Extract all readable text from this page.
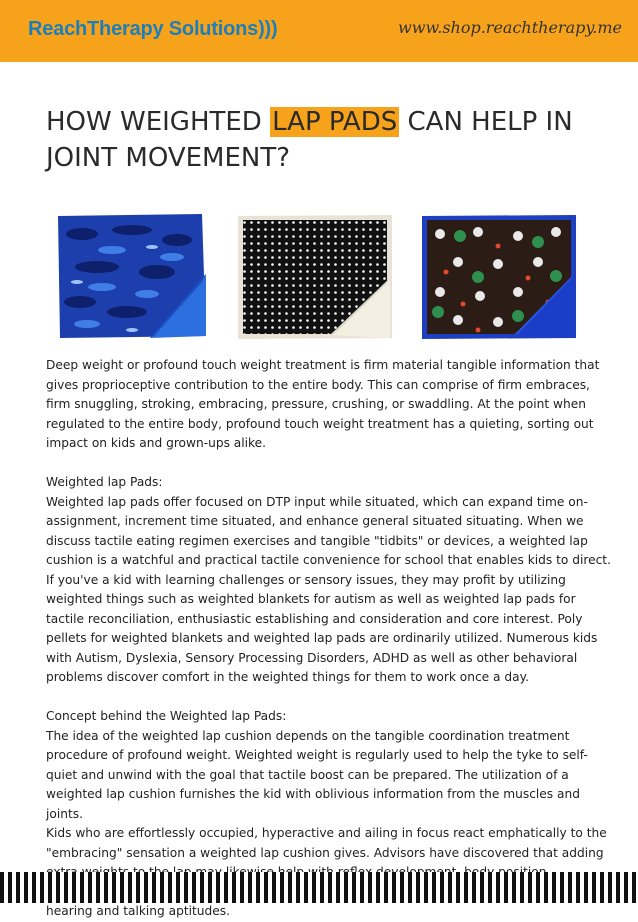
ReachTherapy Solutions)))	www.shop.reachtherapy.me
HOW WEIGHTED LAP PADS CAN HELP IN JOINT MOVEMENT?

Deep weight or profound touch weight treatment is firm material tangible information that gives proprioceptive contribution to the entire body. This can comprise of firm embraces, firm snuggling, stroking, embracing, pressure, crushing, or swaddling. At the point when regulated to the entire body, profound touch weight treatment has a quieting, sorting out impact on kids and grown-ups alike.

Weighted lap Pads:

Weighted lap pads offer focused on DTP input while situated, which can expand time on-assignment, increment time situated, and enhance general situated situating. When we discuss tactile eating regimen exercises and tangible "tidbits" or devices, a weighted lap cushion is a watchful and practical tactile convenience for school that enables kids to direct.

If you've a kid with learning challenges or sensory issues, they may profit by utilizing weighted things such as weighted blankets for autism as well as weighted lap pads for tactile reconciliation, enthusiastic establishing and consideration and core interest. Poly pellets for weighted blankets and weighted lap pads are ordinarily utilized. Numerous kids with Autism, Dyslexia, Sensory Processing Disorders, ADHD as well as other behavioral problems discover comfort in the weighted things for them to work once a day.

Concept behind the Weighted lap Pads:

The idea of the weighted lap cushion depends on the tangible coordination treatment procedure of profound weight. Weighted weight is regularly used to help the tyke to self-quiet and unwind with the goal that tactile boost can be prepared. The utilization of a weighted lap cushion furnishes the kid with oblivious information from the muscles and joints.

Kids who are effortlessly occupied, hyperactive and ailing in focus react emphatically to the "embracing" sensation a weighted lap cushion gives. Advisors have discovered that adding hearing and talking aptitudes.
